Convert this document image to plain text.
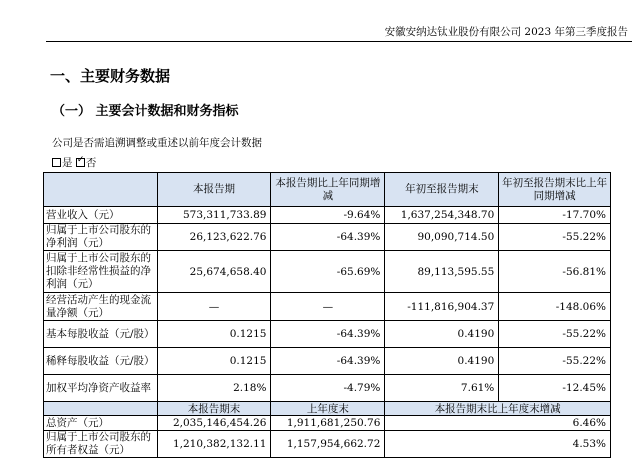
安徽安纳达钛业股份有限公司 2023 年第三季度报告
一、主要财务数据
（一） 主要会计数据和财务指标
公司是否需追溯调整或重述以前年度会计数据
是 ✓ 否
	本报告期	本报告期比上年同期增减	年初至报告期末	年初至报告期末比上年同期增减
营业收入（元）	573,311,733.89	-9.64%	1,637,254,348.70	-17.70%
归属于上市公司股东的净利润（元）	26,123,622.76	-64.39%	90,090,714.50	-55.22%
归属于上市公司股东的扣除非经常性损益的净利润（元）	25,674,658.40	-65.69%	89,113,595.55	-56.81%
经营活动产生的现金流量净额（元）	—	—	-111,816,904.37	-148.06%
基本每股收益（元/股）	0.1215	-64.39%	0.4190	-55.22%
稀释每股收益（元/股）	0.1215	-64.39%	0.4190	-55.22%
加权平均净资产收益率	2.18%	-4.79%	7.61%	-12.45%
	本报告期末	上年度末	本报告期末比上年度末增减	
总资产（元）	2,035,146,454.26	1,911,681,250.76	6.46%	
归属于上市公司股东的所有者权益（元）	1,210,382,132.11	1,157,954,662.72	4.53%	
